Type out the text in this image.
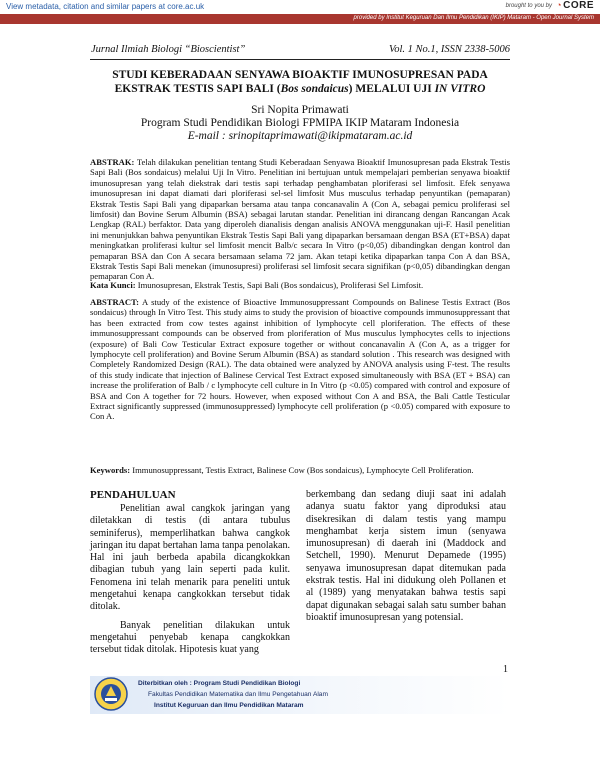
View metadata, citation and similar papers at core.ac.uk	brought to you by ◔CORE
provided by Institut Keguruan Dan Ilmu Pendidikan (IKIP) Mataram - Open Journal System
Jurnal Ilmiah Biologi “Bioscientist”	Vol. 1 No.1, ISSN 2338-5006
STUDI KEBERADAAN SENYAWA BIOAKTIF IMUNOSUPRESAN PADA
EKSTRAK TESTIS SAPI BALI (Bos sondaicus) MELALUI UJI IN VITRO
Sri Nopita Primawati
Program Studi Pendidikan Biologi FPMIPA IKIP Mataram Indonesia
E-mail : srinopitaprimawati@ikipmataram.ac.id
ABSTRAK: Telah dilakukan penelitian tentang Studi Keberadaan Senyawa Bioaktif Imunosupresan pada Ekstrak Testis Sapi Bali (Bos sondaicus) melalui Uji In Vitro. Penelitian ini bertujuan untuk mempelajari pemberian senyawa bioaktif imunosupresan yang telah diekstrak dari testis sapi terhadap penghambatan ploriferasi sel limfosit. Efek senyawa imunosupresan ini dapat diamati dari ploriferasi sel-sel limfosit Mus musculus terhadap penyuntikan (pemaparan) Ekstrak Testis Sapi Bali yang dipaparkan bersama atau tanpa concanavalin A (Con A, sebagai pemicu proliferasi sel limfosit) dan Bovine Serum Albumin (BSA) sebagai larutan standar. Penelitian ini dirancang dengan Rancangan Acak Lengkap (RAL) berfaktor. Data yang diperoleh dianalisis dengan analisis ANOVA menggunakan uji-F. Hasil penelitian ini menunjukkan bahwa penyuntikan Ekstrak Testis Sapi Bali yang dipaparkan bersamaan dengan BSA (ET+BSA) dapat meningkatkan proliferasi kultur sel limfosit mencit Balb/c secara In Vitro (p<0,05) dibandingkan dengan kontrol dan pemaparan BSA dan Con A secara bersamaan selama 72 jam. Akan tetapi ketika dipaparkan tanpa Con A dan BSA, Ekstrak Testis Sapi Bali menekan (imunosupresi) proliferasi sel limfosit secara signifikan (p<0,05) dibandingkan dengan pemaparan Con A.
Kata Kunci: Imunosupresan, Ekstrak Testis, Sapi Bali (Bos sondaicus), Proliferasi Sel Limfosit.
ABSTRACT: A study of the existence of Bioactive Immunosuppressant Compounds on Balinese Testis Extract (Bos sondaicus) through In Vitro Test. This study aims to study the provision of bioactive compounds immunosuppressant that has been extracted from cow testes against inhibition of lymphocyte cell ploriferation. The effects of these immunosuppressant compounds can be observed from ploriferation of Mus musculus lymphocytes cells to injections (exposure) of Bali Cow Testicular Extract exposure together or without concanavalin A (Con A, as a trigger for lymphocyte cell proliferation) and Bovine Serum Albumin (BSA) as standard solution . This research was designed with Completely Randomized Design (RAL). The data obtained were analyzed by ANOVA analysis using F-test. The results of this study indicate that injection of Balinese Cervical Test Extract exposed simultaneously with BSA (ET + BSA) can increase the proliferation of Balb / c lymphocyte cell culture in In Vitro (p <0.05) compared with control and exposure of BSA and Con A together for 72 hours. However, when exposed without Con A and BSA, the Bali Cattle Testicular Extract significantly suppressed (immunosuppressed) lymphocyte cell proliferation (p <0.05) compared with exposure to Con A.
Keywords: Immunosuppressant, Testis Extract, Balinese Cow (Bos sondaicus), Lymphocyte Cell Proliferation.
PENDAHULUAN

Penelitian awal cangkok jaringan yang diletakkan di testis (di antara tubulus seminiferus), memperlihatkan bahwa cangkok jaringan itu dapat bertahan lama tanpa penolakan. Hal ini jauh berbeda apabila dicangkokkan dibagian tubuh yang lain seperti pada kulit. Fenomena ini telah menarik para peneliti untuk mengetahui kenapa cangkokkan tersebut tidak ditolak.

Banyak penelitian dilakukan untuk mengetahui penyebab kenapa cangkokkan tersebut tidak ditolak. Hipotesis kuat yang

berkembang dan sedang diuji saat ini adalah adanya suatu faktor yang diproduksi atau disekresikan di dalam testis yang mampu menghambat kerja sistem imun (senyawa imunosupresan) di daerah ini (Maddock and Setchell, 1990). Menurut Depamede (1995) senyawa imunosupresan dapat ditemukan pada ekstrak testis. Hal ini didukung oleh Pollanen et al (1989) yang menyatakan bahwa testis sapi dapat digunakan sebagai salah satu sumber bahan bioaktif imunosupresan yang potensial.

1
Diterbitkan oleh : Program Studi Pendidikan Biologi
Fakultas Pendidikan Matematika dan Ilmu Pengetahuan Alam
Institut Keguruan dan Ilmu Pendidikan Mataram
